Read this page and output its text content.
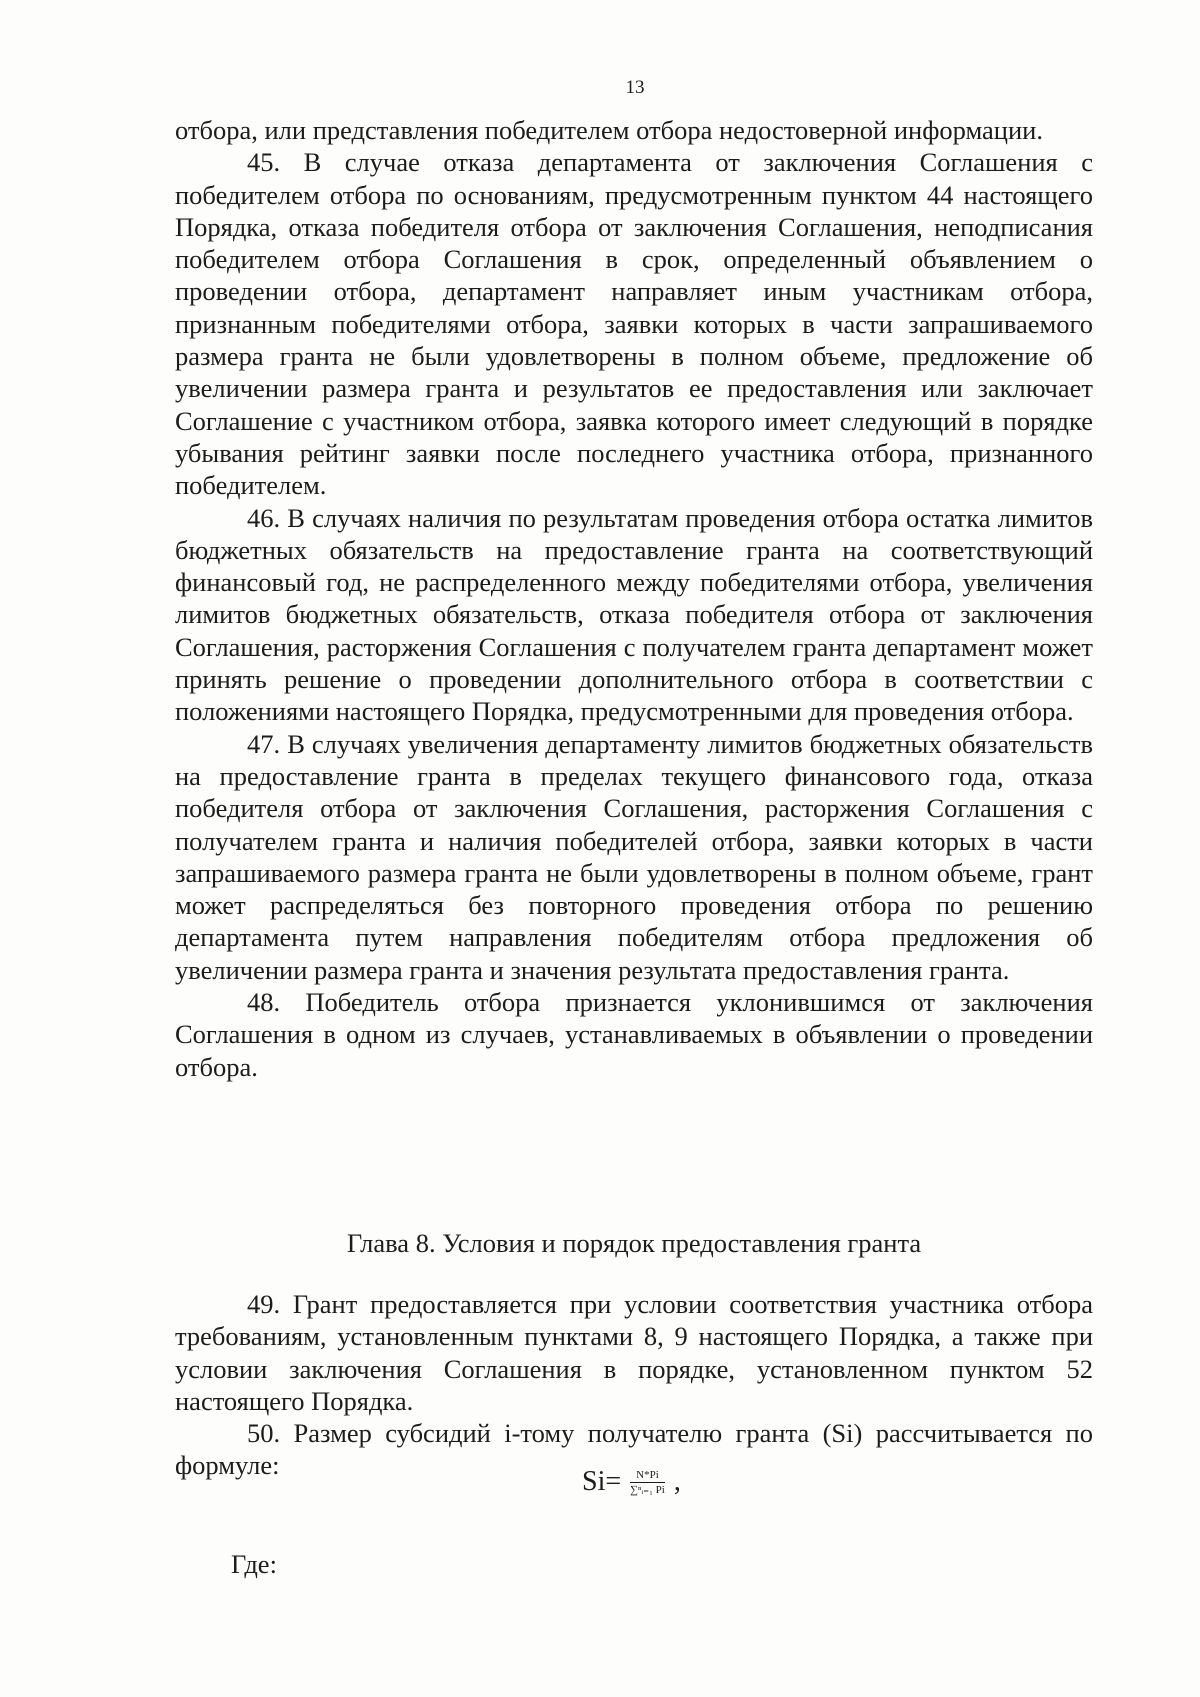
13

отбора, или представления победителем отбора недостоверной информации.

45. В случае отказа департамента от заключения Соглашения с победителем отбора по основаниям, предусмотренным пунктом 44 настоящего Порядка, отказа победителя отбора от заключения Соглашения, неподписания победителем отбора Соглашения в срок, определенный объявлением о проведении отбора, департамент направляет иным участникам отбора, признанным победителями отбора, заявки которых в части запрашиваемого размера гранта не были удовлетворены в полном объеме, предложение об увеличении размера гранта и результатов ее предоставления или заключает Соглашение с участником отбора, заявка которого имеет следующий в порядке убывания рейтинг заявки после последнего участника отбора, признанного победителем.

46. В случаях наличия по результатам проведения отбора остатка лимитов бюджетных обязательств на предоставление гранта на соответствующий финансовый год, не распределенного между победителями отбора, увеличения лимитов бюджетных обязательств, отказа победителя отбора от заключения Соглашения, расторжения Соглашения с получателем гранта департамент может принять решение о проведении дополнительного отбора в соответствии с положениями настоящего Порядка, предусмотренными для проведения отбора.

47. В случаях увеличения департаменту лимитов бюджетных обязательств на предоставление гранта в пределах текущего финансового года, отказа победителя отбора от заключения Соглашения, расторжения Соглашения с получателем гранта и наличия победителей отбора, заявки которых в части запрашиваемого размера гранта не были удовлетворены в полном объеме, грант может распределяться без повторного проведения отбора по решению департамента путем направления победителям отбора предложения об увеличении размера гранта и значения результата предоставления гранта.

48. Победитель отбора признается уклонившимся от заключения Соглашения в одном из случаев, устанавливаемых в объявлении о проведении отбора.

Глава 8. Условия и порядок предоставления гранта

49. Грант предоставляется при условии соответствия участника отбора требованиям, установленным пунктами 8, 9 настоящего Порядка, а также при условии заключения Соглашения в порядке, установленном пунктом 52 настоящего Порядка.

50. Размер субсидий i-тому получателю гранта (Si) рассчитывается по формуле:

$Si= \frac{N*Pi}{\text{∑ⁿᵢ₌₁ Pi}}$ ,
Где:
